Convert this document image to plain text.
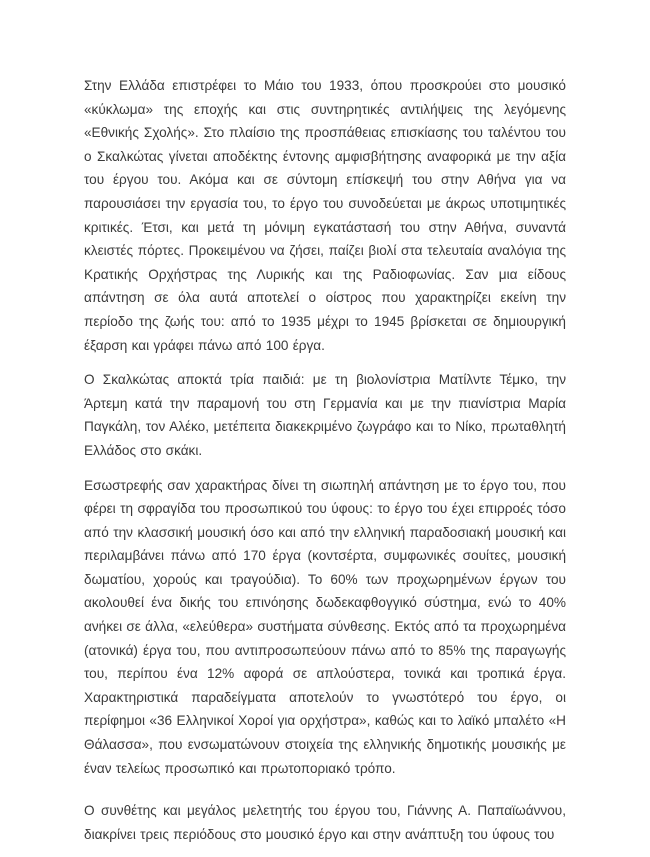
Στην Ελλάδα επιστρέφει το Μάιο του 1933, όπου προσκρούει στο μουσικό «κύκλωμα» της εποχής και στις συντηρητικές αντιλήψεις της λεγόμενης «Εθνικής Σχολής». Στο πλαίσιο της προσπάθειας επισκίασης του ταλέντου του ο Σκαλκώτας γίνεται αποδέκτης έντονης αμφισβήτησης αναφορικά με την αξία του έργου του. Ακόμα και σε σύντομη επίσκεψή του στην Αθήνα για να παρουσιάσει την εργασία του, το έργο του συνοδεύεται με άκρως υποτιμητικές κριτικές. Έτσι, και μετά τη μόνιμη εγκατάστασή του στην Αθήνα, συναντά κλειστές πόρτες. Προκειμένου να ζήσει, παίζει βιολί στα τελευταία αναλόγια της Κρατικής Ορχήστρας της Λυρικής και της Ραδιοφωνίας. Σαν μια είδους απάντηση σε όλα αυτά αποτελεί ο οίστρος που χαρακτηρίζει εκείνη την περίοδο της ζωής του: από το 1935 μέχρι το 1945 βρίσκεται σε δημιουργική έξαρση και γράφει πάνω από 100 έργα.

Ο Σκαλκώτας αποκτά τρία παιδιά: με τη βιολονίστρια Ματίλντε Τέμκο, την Άρτεμη κατά την παραμονή του στη Γερμανία και με την πιανίστρια Μαρία Παγκάλη, τον Αλέκο, μετέπειτα διακεκριμένο ζωγράφο και το Νίκο, πρωταθλητή Ελλάδος στο σκάκι.

Εσωστρεφής σαν χαρακτήρας δίνει τη σιωπηλή απάντηση με το έργο του, που φέρει τη σφραγίδα του προσωπικού του ύφους: το έργο του έχει επιρροές τόσο από την κλασσική μουσική όσο και από την ελληνική παραδοσιακή μουσική και περιλαμβάνει πάνω από 170 έργα (κοντσέρτα, συμφωνικές σουίτες, μουσική δωματίου, χορούς και τραγούδια). Το 60% των προχωρημένων έργων του ακολουθεί ένα δικής του επινόησης δωδεκαφθογγικό σύστημα, ενώ το 40% ανήκει σε άλλα, «ελεύθερα» συστήματα σύνθεσης. Εκτός από τα προχωρημένα (ατονικά) έργα του, που αντιπροσωπεύουν πάνω από το 85% της παραγωγής του, περίπου ένα 12% αφορά σε απλούστερα, τονικά και τροπικά έργα. Χαρακτηριστικά παραδείγματα αποτελούν το γνωστότερό του έργο, οι περίφημοι «36 Ελληνικοί Χοροί για ορχήστρα», καθώς και το λαϊκό μπαλέτο «Η Θάλασσα», που ενσωματώνουν στοιχεία της ελληνικής δημοτικής μουσικής με έναν τελείως προσωπικό και πρωτοποριακό τρόπο.

Ο συνθέτης και μεγάλος μελετητής του έργου του, Γιάννης Α. Παπαϊωάννου, διακρίνει τρεις περιόδους στο μουσικό έργο και στην ανάπτυξη του ύφους του
